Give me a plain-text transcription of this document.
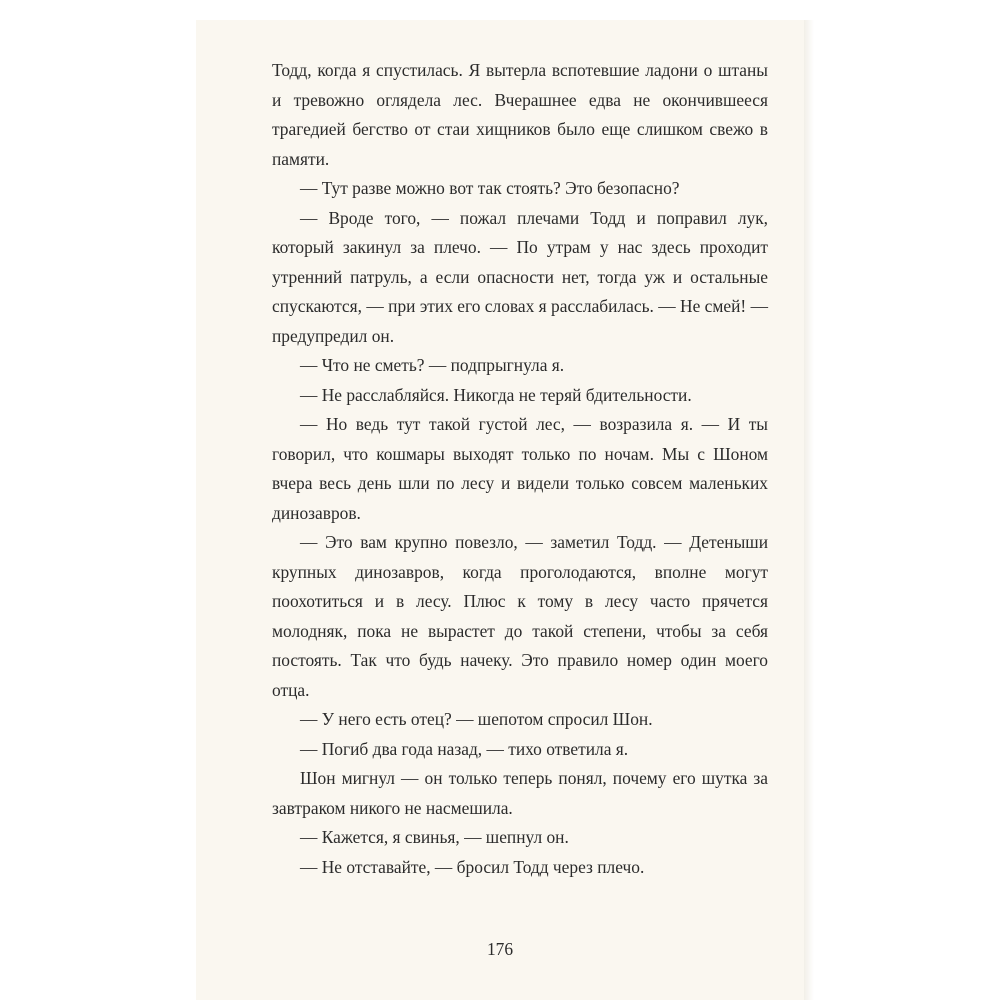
Тодд, когда я спустилась. Я вытерла вспотевшие ладони о штаны и тревожно оглядела лес. Вчерашнее едва не окончившееся трагедией бегство от стаи хищников было еще слишком свежо в памяти.

— Тут разве можно вот так стоять? Это безопасно?

— Вроде того, — пожал плечами Тодд и поправил лук, который закинул за плечо. — По утрам у нас здесь проходит утренний патруль, а если опасности нет, тогда уж и остальные спускаются, — при этих его словах я расслабилась. — Не смей! — предупредил он.

— Что не сметь? — подпрыгнула я.

— Не расслабляйся. Никогда не теряй бдительности.

— Но ведь тут такой густой лес, — возразила я. — И ты говорил, что кошмары выходят только по ночам. Мы с Шоном вчера весь день шли по лесу и видели только совсем маленьких динозавров.

— Это вам крупно повезло, — заметил Тодд. — Детеныши крупных динозавров, когда проголодаются, вполне могут поохотиться и в лесу. Плюс к тому в лесу часто прячется молодняк, пока не вырастет до такой степени, чтобы за себя постоять. Так что будь начеку. Это правило номер один моего отца.

— У него есть отец? — шепотом спросил Шон.

— Погиб два года назад, — тихо ответила я.

Шон мигнул — он только теперь понял, почему его шутка за завтраком никого не насмешила.

— Кажется, я свинья, — шепнул он.

— Не отставайте, — бросил Тодд через плечо.

176
